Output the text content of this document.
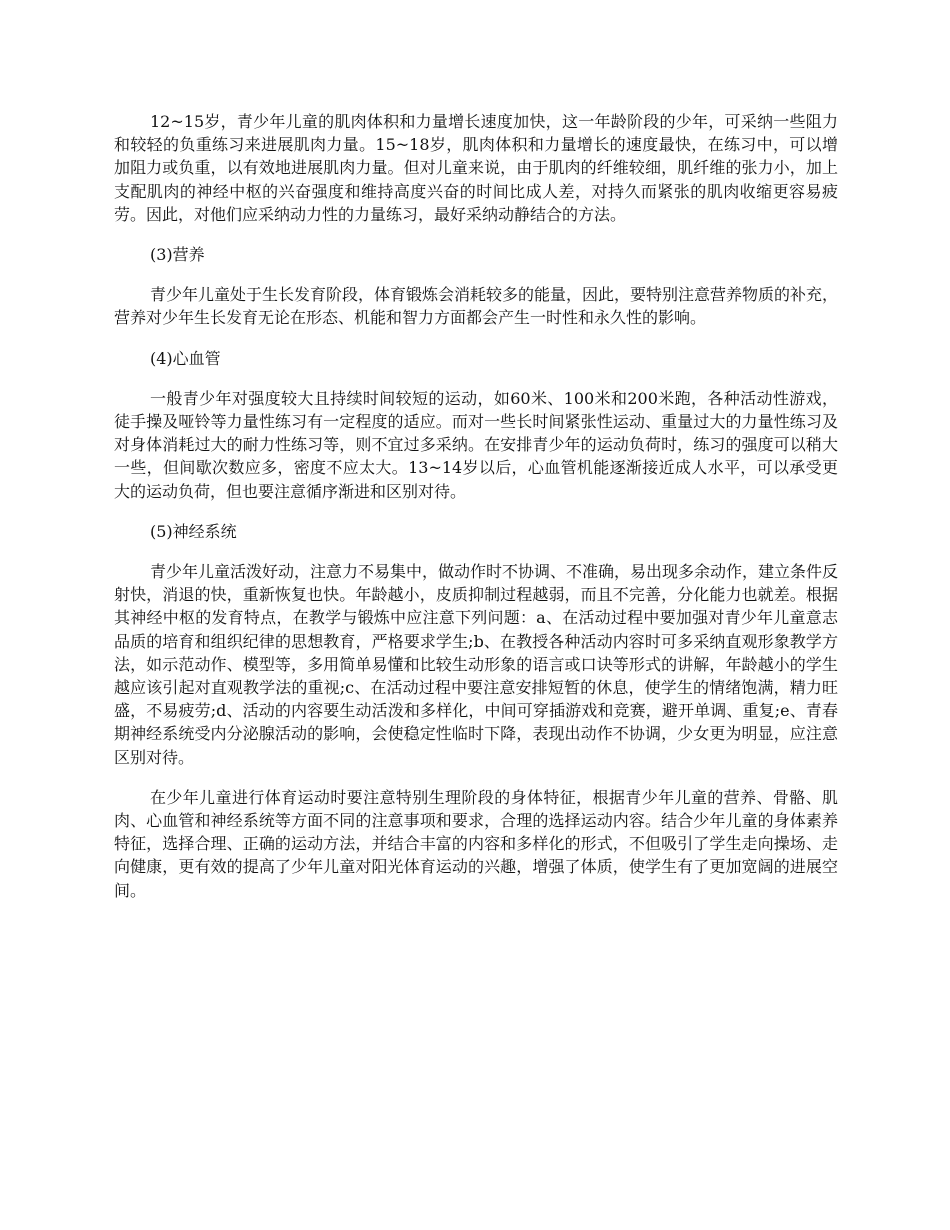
12~15岁，青少年儿童的肌肉体积和力量增长速度加快，这一年龄阶段的少年，可采纳一些阻力和较轻的负重练习来进展肌肉力量。15~18岁，肌肉体积和力量增长的速度最快，在练习中，可以增加阻力或负重，以有效地进展肌肉力量。但对儿童来说，由于肌肉的纤维较细，肌纤维的张力小，加上支配肌肉的神经中枢的兴奋强度和维持高度兴奋的时间比成人差，对持久而紧张的肌肉收缩更容易疲劳。因此，对他们应采纳动力性的力量练习，最好采纳动静结合的方法。

(3)营养

青少年儿童处于生长发育阶段，体育锻炼会消耗较多的能量，因此，要特别注意营养物质的补充，营养对少年生长发育无论在形态、机能和智力方面都会产生一时性和永久性的影响。

(4)心血管

一般青少年对强度较大且持续时间较短的运动，如60米、100米和200米跑，各种活动性游戏，徒手操及哑铃等力量性练习有一定程度的适应。而对一些长时间紧张性运动、重量过大的力量性练习及对身体消耗过大的耐力性练习等，则不宜过多采纳。在安排青少年的运动负荷时，练习的强度可以稍大一些，但间歇次数应多，密度不应太大。13~14岁以后，心血管机能逐渐接近成人水平，可以承受更大的运动负荷，但也要注意循序渐进和区别对待。

(5)神经系统

青少年儿童活泼好动，注意力不易集中，做动作时不协调、不准确，易出现多余动作，建立条件反射快，消退的快，重新恢复也快。年龄越小，皮质抑制过程越弱，而且不完善，分化能力也就差。根据其神经中枢的发育特点，在教学与锻炼中应注意下列问题：a、在活动过程中要加强对青少年儿童意志品质的培育和组织纪律的思想教育，严格要求学生;b、在教授各种活动内容时可多采纳直观形象教学方法，如示范动作、模型等，多用简单易懂和比较生动形象的语言或口诀等形式的讲解，年龄越小的学生越应该引起对直观教学法的重视;c、在活动过程中要注意安排短暂的休息，使学生的情绪饱满，精力旺盛，不易疲劳;d、活动的内容要生动活泼和多样化，中间可穿插游戏和竞赛，避开单调、重复;e、青春期神经系统受内分泌腺活动的影响，会使稳定性临时下降，表现出动作不协调，少女更为明显，应注意区别对待。

在少年儿童进行体育运动时要注意特别生理阶段的身体特征，根据青少年儿童的营养、骨骼、肌肉、心血管和神经系统等方面不同的注意事项和要求，合理的选择运动内容。结合少年儿童的身体素养特征，选择合理、正确的运动方法，并结合丰富的内容和多样化的形式，不但吸引了学生走向操场、走向健康，更有效的提高了少年儿童对阳光体育运动的兴趣，增强了体质，使学生有了更加宽阔的进展空间。
